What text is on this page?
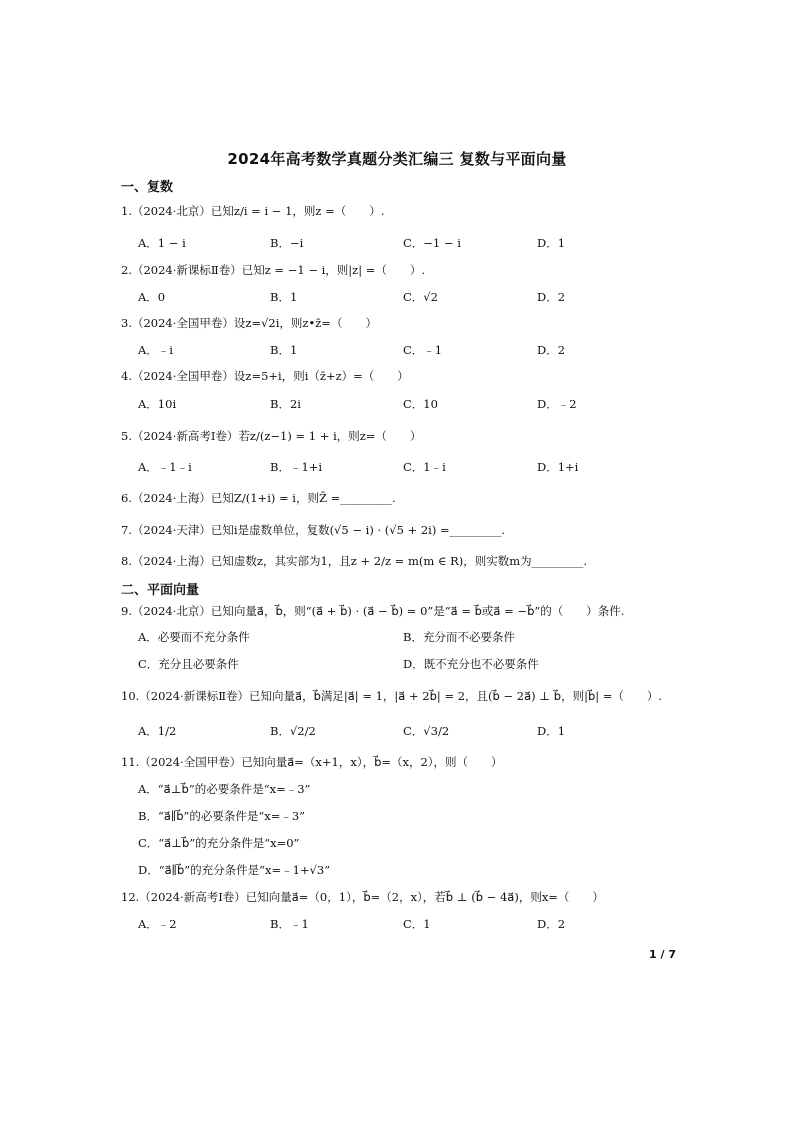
2024年高考数学真题分类汇编三 复数与平面向量
一、复数
1.（2024·北京）已知z/i = i − 1，则z =（　　）.
A．1 − i	B．−i	C．−1 − i	D．1
2.（2024·新课标Ⅱ卷）已知z = −1 − i，则|z| =（　　）.
A．0	B．1	C．√2	D．2
3.（2024·全国甲卷）设z=√2i，则z•z̄=（　　）
A．﹣i	B．1	C．﹣1	D．2
4.（2024·全国甲卷）设z=5+i，则i（z̄+z）=（　　）
A．10i	B．2i	C．10	D．﹣2
5.（2024·新高考Ⅰ卷）若z/(z−1) = 1 + i，则z=（　　）
A．﹣1﹣i	B．﹣1+i	C．1﹣i	D．1+i
6.（2024·上海）已知Z/(1+i) = i，则Z̄ =_________.
7.（2024·天津）已知i是虚数单位，复数(√5 − i) · (√5 + 2i) =_________.
8.（2024·上海）已知虚数z，其实部为1，且z + 2/z = m(m ∈ R)，则实数m为_________.
二、平面向量
9.（2024·北京）已知向量a⃗，b⃗，则“(a⃗ + b⃗) · (a⃗ − b⃗) = 0”是“a⃗ = b⃗或a⃗ = −b⃗”的（　　）条件.
A．必要而不充分条件	B．充分而不必要条件
C．充分且必要条件	D．既不充分也不必要条件
10.（2024·新课标Ⅱ卷）已知向量a⃗，b⃗满足|a⃗| = 1，|a⃗ + 2b⃗| = 2，且(b⃗ − 2a⃗) ⊥ b⃗，则|b⃗| =（　　）.
A．1/2	B．√2/2	C．√3/2	D．1
11.（2024·全国甲卷）已知向量a⃗=（x+1，x），b⃗=（x，2），则（　　）
A．“a⃗⊥b⃗”的必要条件是“x=﹣3”
B．“a⃗∥b⃗”的必要条件是“x=﹣3”
C．“a⃗⊥b⃗”的充分条件是“x=0”
D．“a⃗∥b⃗”的充分条件是“x=﹣1+√3”
12.（2024·新高考Ⅰ卷）已知向量a⃗=（0，1），b⃗=（2，x），若b⃗ ⊥ (b⃗ − 4a⃗)，则x=（　　）
A．﹣2	B．﹣1	C．1	D．2
1 / 7
